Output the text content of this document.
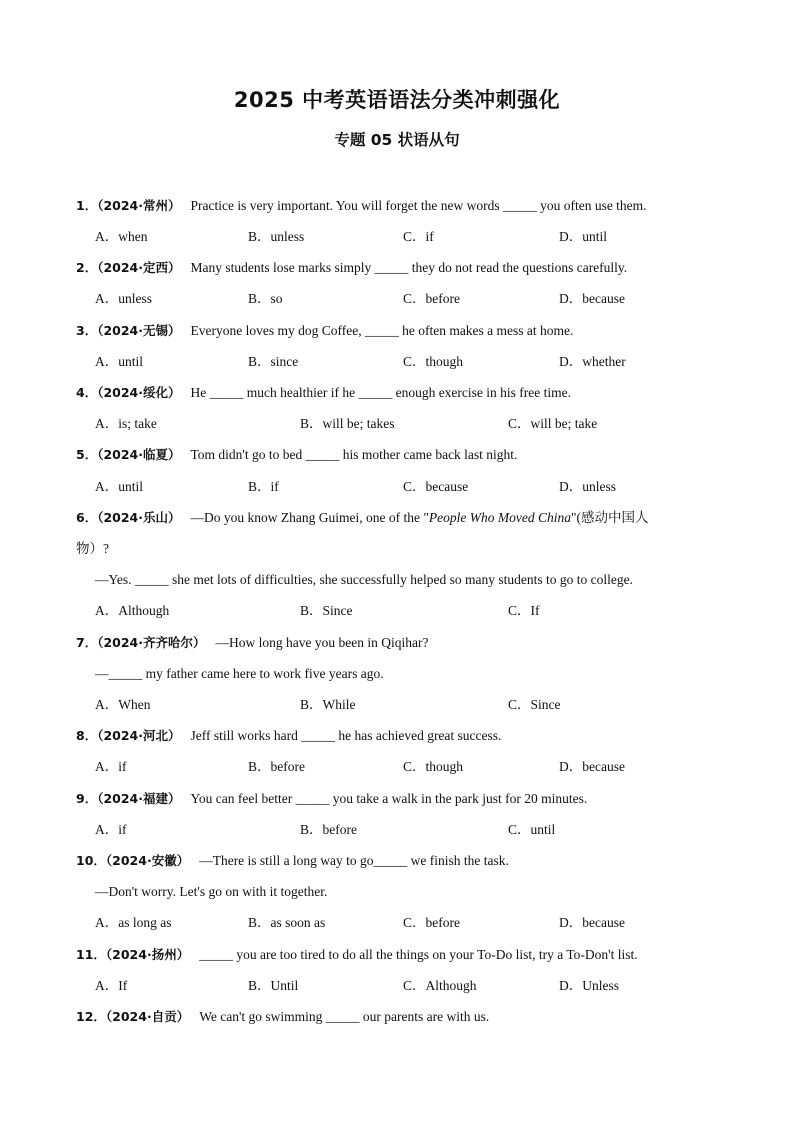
2025 中考英语语法分类冲刺强化
专题 05 状语从句
1．（2024·常州） Practice is very important. You will forget the new words _____ you often use them.
A．when	B．unless	C．if	D．until
2．（2024·定西） Many students lose marks simply _____ they do not read the questions carefully.
A．unless	B．so	C．before	D．because
3．（2024·无锡） Everyone loves my dog Coffee, _____ he often makes a mess at home.
A．until	B．since	C．though	D．whether
4．（2024·绥化） He _____ much healthier if he _____ enough exercise in his free time.
A．is; take	B．will be; takes	C．will be; take
5．（2024·临夏） Tom didn't go to bed _____ his mother came back last night.
A．until	B．if	C．because	D．unless
6．（2024·乐山） —Do you know Zhang Guimei, one of the "People Who Moved China"(感动中国人
物）?
—Yes. _____ she met lots of difficulties, she successfully helped so many students to go to college.
A．Although	B．Since	C．If
7．（2024·齐齐哈尔） —How long have you been in Qiqihar?
—_____ my father came here to work five years ago.
A．When	B．While	C．Since
8．（2024·河北） Jeff still works hard _____ he has achieved great success.
A．if	B．before	C．though	D．because
9．（2024·福建） You can feel better _____ you take a walk in the park just for 20 minutes.
A．if	B．before	C．until
10．（2024·安徽） —There is still a long way to go_____ we finish the task.
—Don't worry. Let's go on with it together.
A．as long as	B．as soon as	C．before	D．because
11．（2024·扬州） _____ you are too tired to do all the things on your To-Do list, try a To-Don't list.
A．If	B．Until	C．Although	D．Unless
12．（2024·自贡） We can't go swimming _____ our parents are with us.
